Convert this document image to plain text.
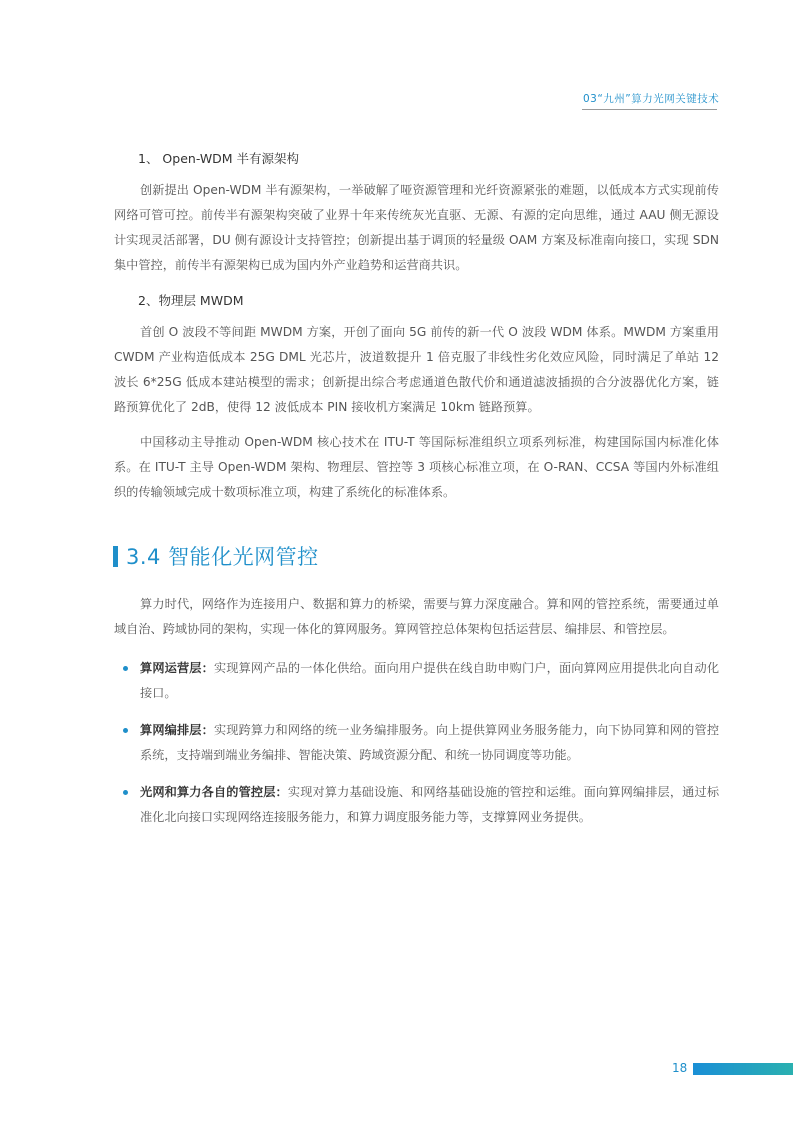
03“九州”算力光网关键技术
1、 Open-WDM 半有源架构

创新提出 Open-WDM 半有源架构，一举破解了哑资源管理和光纤资源紧张的难题，以低成本方式实现前传网络可管可控。前传半有源架构突破了业界十年来传统灰光直驱、无源、有源的定向思维，通过 AAU 侧无源设计实现灵活部署，DU 侧有源设计支持管控；创新提出基于调顶的轻量级 OAM 方案及标准南向接口，实现 SDN 集中管控，前传半有源架构已成为国内外产业趋势和运营商共识。

2、物理层 MWDM

首创 O 波段不等间距 MWDM 方案，开创了面向 5G 前传的新一代 O 波段 WDM 体系。MWDM 方案重用 CWDM 产业构造低成本 25G DML 光芯片，波道数提升 1 倍克服了非线性劣化效应风险，同时满足了单站 12 波长 6*25G 低成本建站模型的需求；创新提出综合考虑通道色散代价和通道滤波插损的合分波器优化方案，链路预算优化了 2dB，使得 12 波低成本 PIN 接收机方案满足 10km 链路预算。

中国移动主导推动 Open-WDM 核心技术在 ITU-T 等国际标准组织立项系列标准，构建国际国内标准化体系。在 ITU-T 主导 Open-WDM 架构、物理层、管控等 3 项核心标准立项，在 O-RAN、CCSA 等国内外标准组织的传输领域完成十数项标准立项，构建了系统化的标准体系。

3.4 智能化光网管控

算力时代，网络作为连接用户、数据和算力的桥梁，需要与算力深度融合。算和网的管控系统，需要通过单域自治、跨域协同的架构，实现一体化的算网服务。算网管控总体架构包括运营层、编排层、和管控层。

算网运营层：实现算网产品的一体化供给。面向用户提供在线自助申购门户，面向算网应用提供北向自动化接口。
算网编排层：实现跨算力和网络的统一业务编排服务。向上提供算网业务服务能力，向下协同算和网的管控系统，支持端到端业务编排、智能决策、跨域资源分配、和统一协同调度等功能。
光网和算力各自的管控层：实现对算力基础设施、和网络基础设施的管控和运维。面向算网编排层，通过标准化北向接口实现网络连接服务能力，和算力调度服务能力等，支撑算网业务提供。
18
